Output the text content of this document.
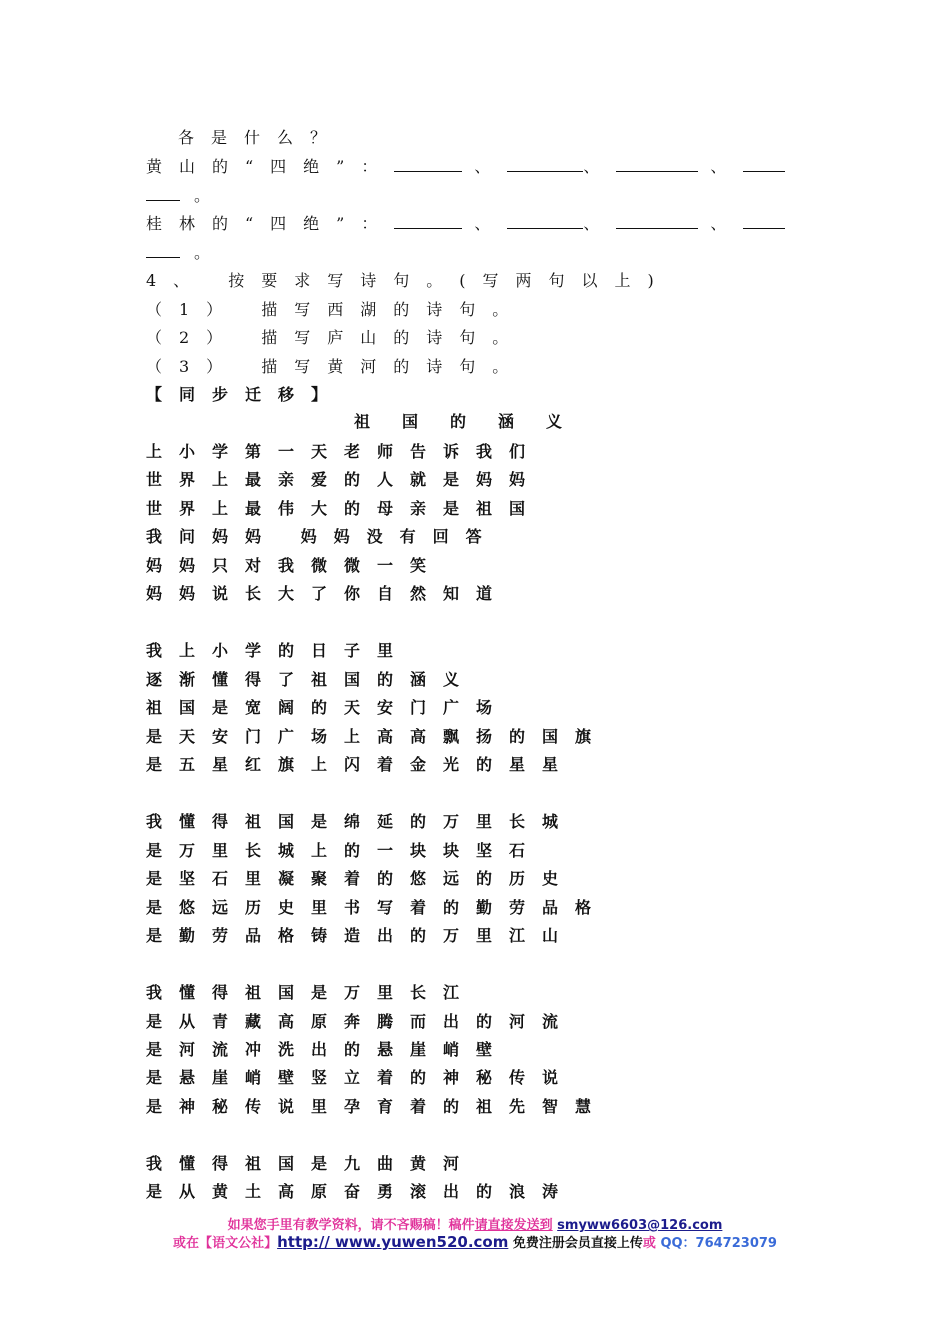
各是什么？
黄山的“四绝”：	、	、	、
。
桂林的“四绝”：	、	、	、
。
4、 按要求写诗句。(写两句以上)
（1） 描写西湖的诗句。
（2） 描写庐山的诗句。
（3） 描写黄河的诗句。
【同步迁移】
祖 国 的 涵 义
上小学第一天老师告诉我们
世界上最亲爱的人就是妈妈
世界上最伟大的母亲是祖国
我问妈妈 妈妈没有回答
妈妈只对我微微一笑
妈妈说长大了你自然知道
我上小学的日子里
逐渐懂得了祖国的涵义
祖国是宽阔的天安门广场
是天安门广场上高高飘扬的国旗
是五星红旗上闪着金光的星星
我懂得祖国是绵延的万里长城
是万里长城上的一块块坚石
是坚石里凝聚着的悠远的历史
是悠远历史里书写着的勤劳品格
是勤劳品格铸造出的万里江山
我懂得祖国是万里长江
是从青藏高原奔腾而出的河流
是河流冲洗出的悬崖峭壁
是悬崖峭壁竖立着的神秘传说
是神秘传说里孕育着的祖先智慧
我懂得祖国是九曲黄河
是从黄土高原奋勇滚出的浪涛
如果您手里有教学资料，请不吝赐稿！稿件请直接发送到 smyww6603@126.com
或在【语文公社】http:// www.yuwen520.com 免费注册会员直接上传或 QQ：764723079
